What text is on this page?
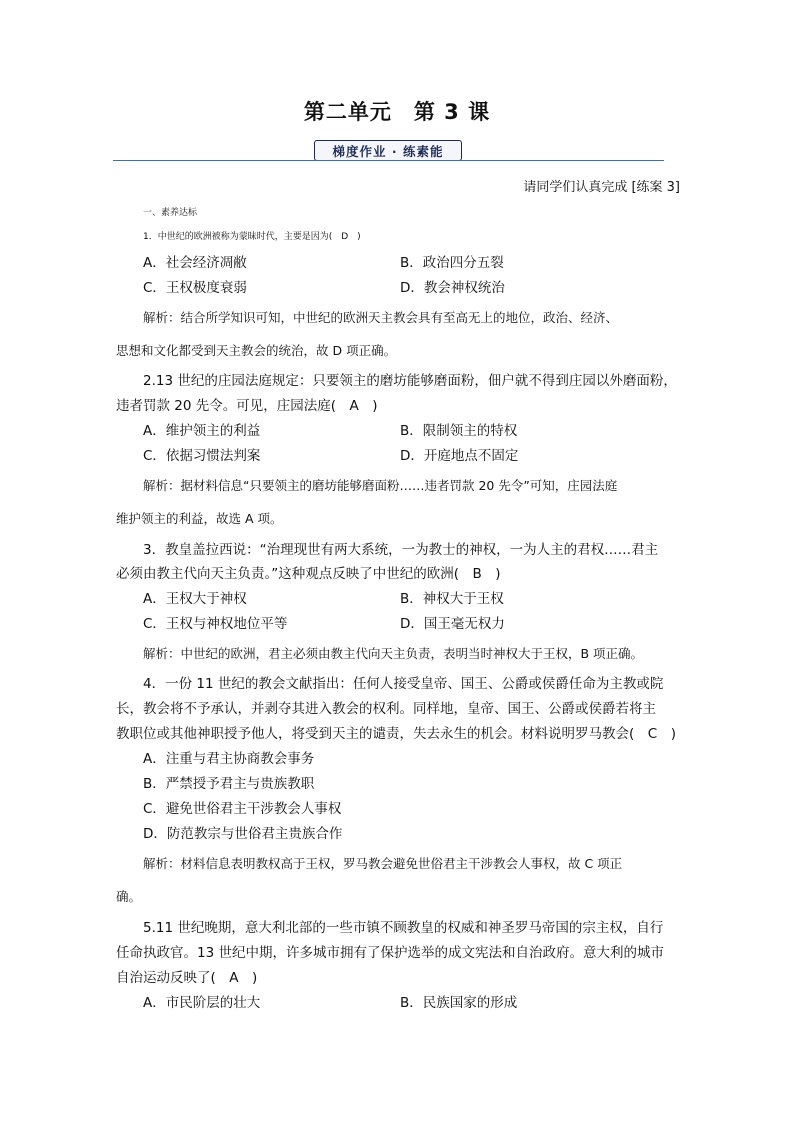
第二单元　第 3 课
梯度作业 · 练素能
请同学们认真完成 [练案 3]
一、素养达标
1．中世纪的欧洲被称为蒙昧时代，主要是因为(　D　)
A．社会经济凋敝	B．政治四分五裂
C．王权极度衰弱	D．教会神权统治
解析：结合所学知识可知，中世纪的欧洲天主教会具有至高无上的地位，政治、经济、
思想和文化都受到天主教会的统治，故 D 项正确。
2.13 世纪的庄园法庭规定：只要领主的磨坊能够磨面粉，佃户就不得到庄园以外磨面粉，
违者罚款 20 先令。可见，庄园法庭(　A　)
A．维护领主的利益	B．限制领主的特权
C．依据习惯法判案	D．开庭地点不固定
解析：据材料信息“只要领主的磨坊能够磨面粉……违者罚款 20 先令”可知，庄园法庭
维护领主的利益，故选 A 项。
3．教皇盖拉西说：“治理现世有两大系统，一为教士的神权，一为人主的君权……君主
必须由教主代向天主负责。”这种观点反映了中世纪的欧洲(　B　)
A．王权大于神权	B．神权大于王权
C．王权与神权地位平等	D．国王毫无权力
解析：中世纪的欧洲，君主必须由教主代向天主负责，表明当时神权大于王权，B 项正确。
4．一份 11 世纪的教会文献指出：任何人接受皇帝、国王、公爵或侯爵任命为主教或院
长，教会将不予承认，并剥夺其进入教会的权利。同样地，皇帝、国王、公爵或侯爵若将主
教职位或其他神职授予他人，将受到天主的谴责，失去永生的机会。材料说明罗马教会(　C　)
A．注重与君主协商教会事务
B．严禁授予君主与贵族教职
C．避免世俗君主干涉教会人事权
D．防范教宗与世俗君主贵族合作
解析：材料信息表明教权高于王权，罗马教会避免世俗君主干涉教会人事权，故 C 项正
确。
5.11 世纪晚期，意大利北部的一些市镇不顾教皇的权威和神圣罗马帝国的宗主权，自行
任命执政官。13 世纪中期，许多城市拥有了保护选举的成文宪法和自治政府。意大利的城市
自治运动反映了(　A　)
A．市民阶层的壮大	B．民族国家的形成
